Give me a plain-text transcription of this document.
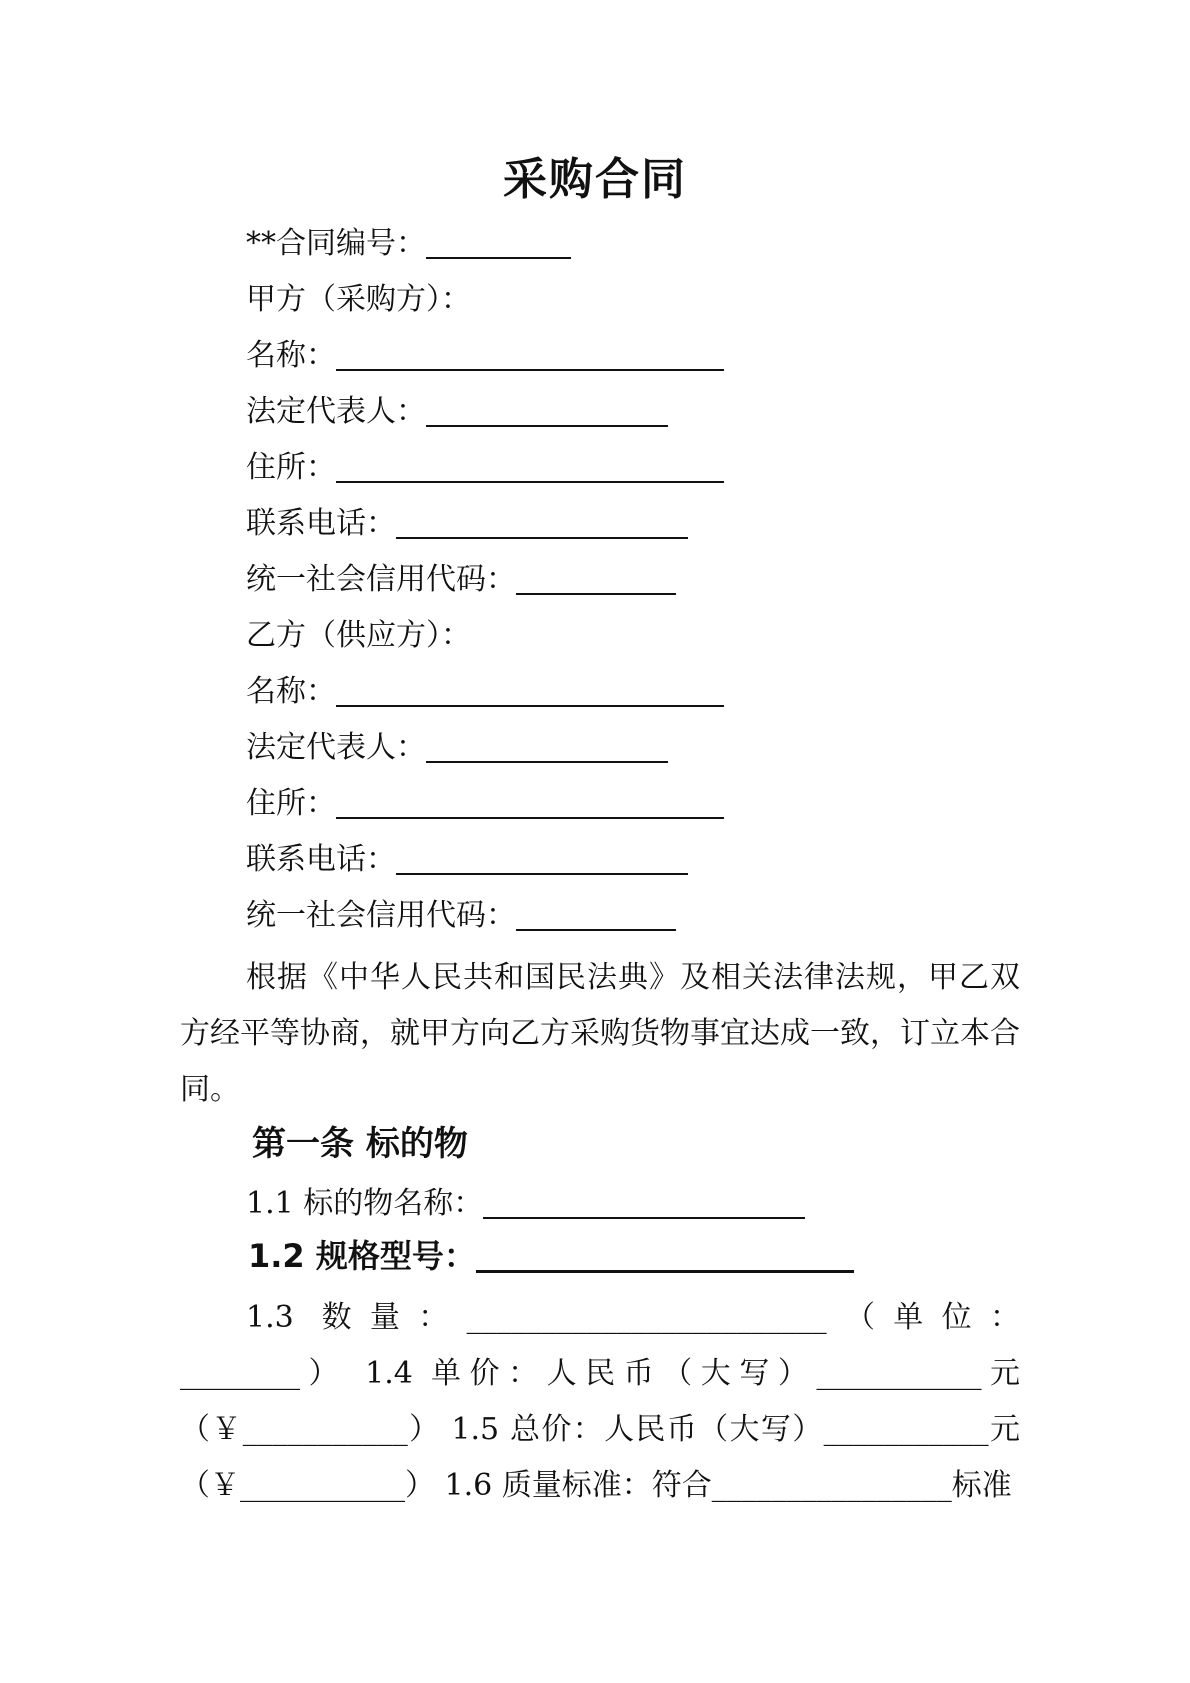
采购合同

**合同编号：

甲方（采购方）：

名称：

法定代表人：

住所：

联系电话：

统一社会信用代码：

乙方（供应方）：

名称：

法定代表人：

住所：

联系电话：

统一社会信用代码：

根据《中华人民共和国民法典》及相关法律法规，甲乙双方经平等协商，就甲方向乙方采购货物事宜达成一致，订立本合同。

第一条 标的物

1.1 标的物名称：

1.2 规格型号：

1.3 数量：________________________（单位：________） 1.4 单价：人民币（大写）___________元（￥___________） 1.5 总价：人民币（大写）___________元（￥___________） 1.6 质量标准：符合________________标准
